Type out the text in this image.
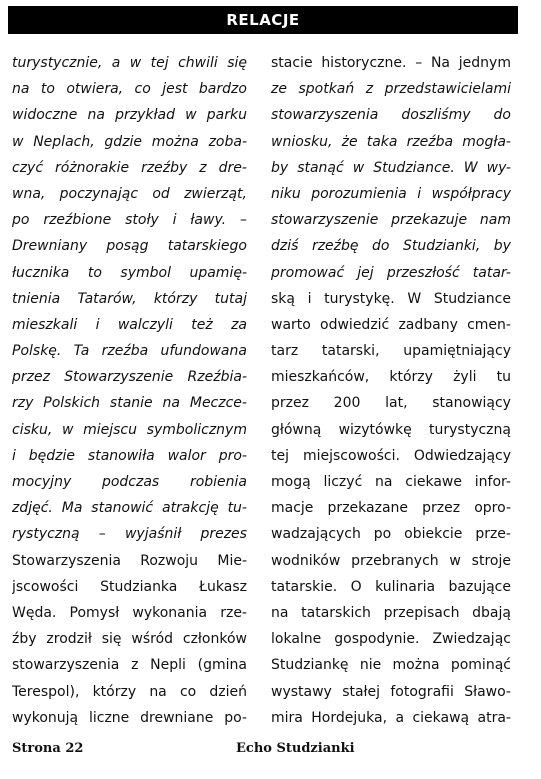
RELACJE
turystycznie, a w tej chwili się
na to otwiera, co jest bardzo
widoczne na przykład w parku
w Neplach, gdzie można zoba-
czyć różnorakie rzeźby z dre-
wna, poczynając od zwierząt,
po rzeźbione stoły i ławy. –
Drewniany posąg tatarskiego
łucznika to symbol upamię-
tnienia Tatarów, którzy tutaj
mieszkali i walczyli też za
Polskę. Ta rzeźba ufundowana
przez Stowarzyszenie Rzeźbia-
rzy Polskich stanie na Meczce-
cisku, w miejscu symbolicznym
i będzie stanowiła walor pro-
mocyjny podczas robienia
zdjęć. Ma stanowić atrakcję tu-
rystyczną – wyjaśnił prezes
Stowarzyszenia Rozwoju Mie-
jscowości Studzianka Łukasz
Węda. Pomysł wykonania rze-
źby zrodził się wśród członków
stowarzyszenia z Nepli (gmina
Terespol), którzy na co dzień
wykonują liczne drewniane po-
stacie historyczne. – Na jednym
ze spotkań z przedstawicielami
stowarzyszenia doszliśmy do
wniosku, że taka rzeźba mogła-
by stanąć w Studziance. W wy-
niku porozumienia i współpracy
stowarzyszenie przekazuje nam
dziś rzeźbę do Studzianki, by
promować jej przeszłość tatar-
ską i turystykę. W Studziance
warto odwiedzić zadbany cmen-
tarz tatarski, upamiętniający
mieszkańców, którzy żyli tu
przez 200 lat, stanowiący
główną wizytówkę turystyczną
tej miejscowości. Odwiedzający
mogą liczyć na ciekawe infor-
macje przekazane przez opro-
wadzających po obiekcie prze-
wodników przebranych w stroje
tatarskie. O kulinaria bazujące
na tatarskich przepisach dbają
lokalne gospodynie. Zwiedzając
Studziankę nie można pominąć
wystawy stałej fotografii Sławo-
mira Hordejuka, a ciekawą atra-
Strona 22	Echo Studzianki
